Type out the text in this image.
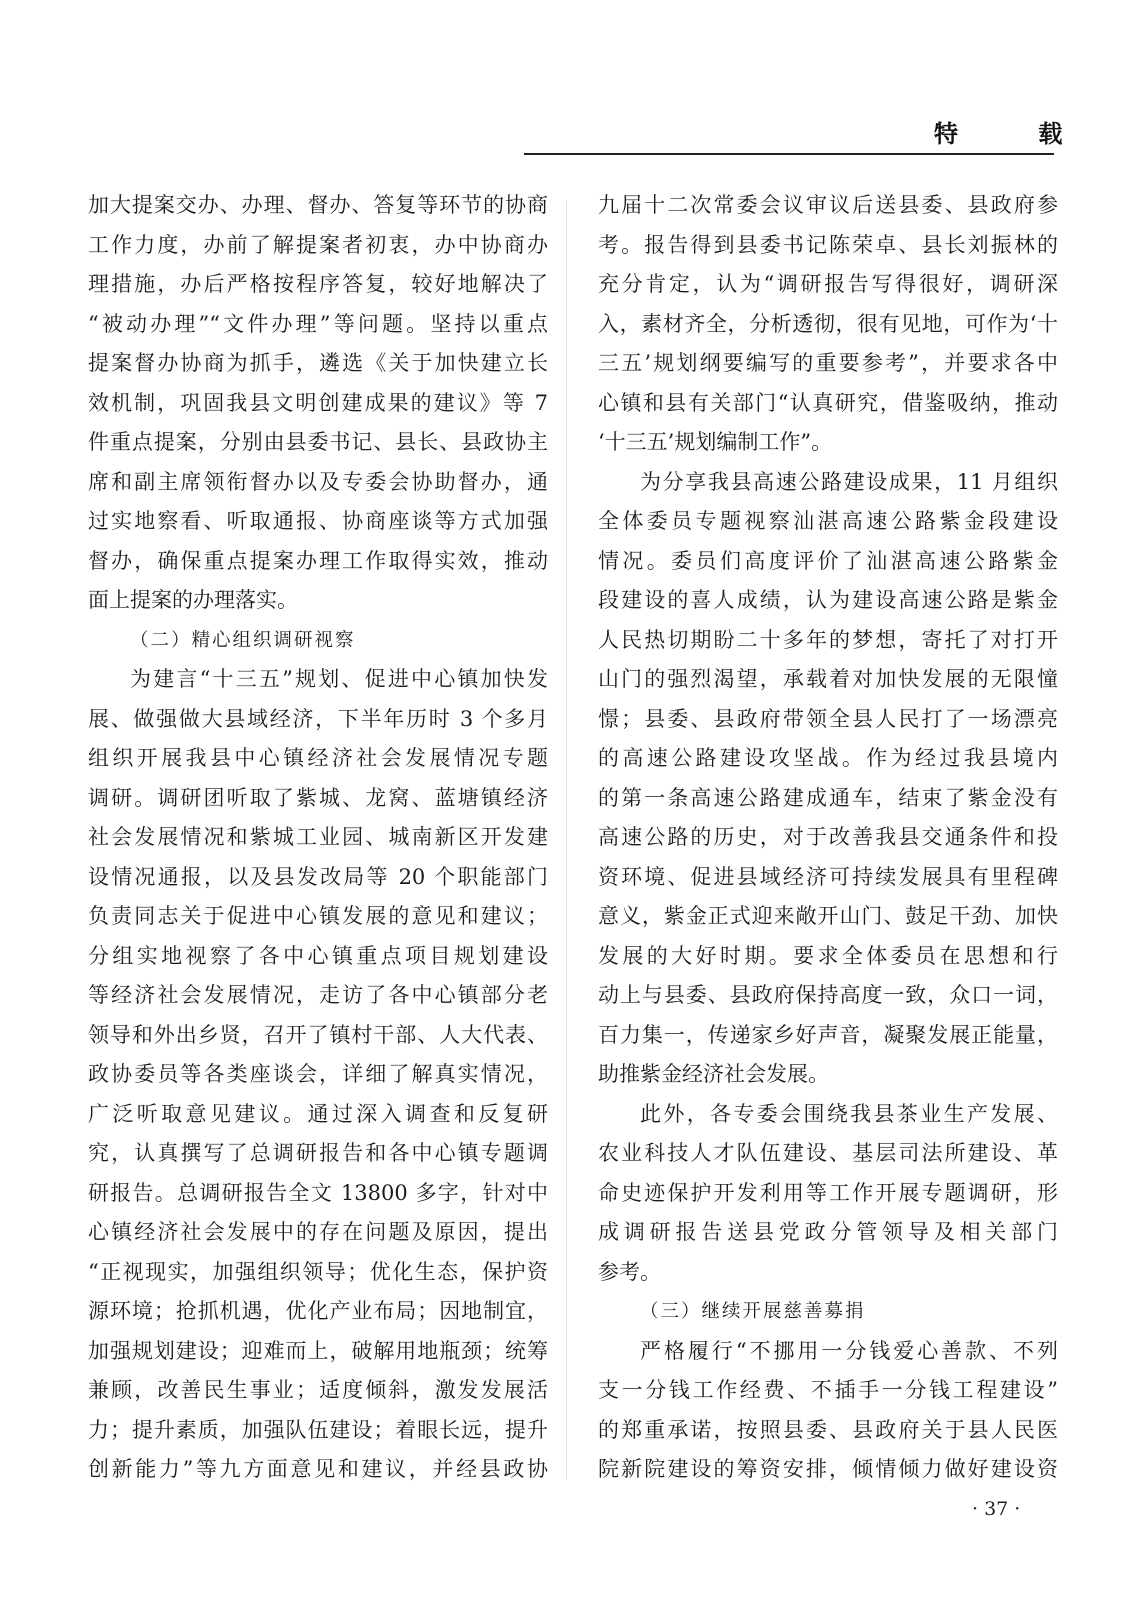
特 载
加大提案交办、办理、督办、答复等环节的协商
工作力度，办前了解提案者初衷，办中协商办
理措施，办后严格按程序答复，较好地解决了
“被动办理”“文件办理”等问题。坚持以重点
提案督办协商为抓手，遴选《关于加快建立长
效机制，巩固我县文明创建成果的建议》等 7
件重点提案，分别由县委书记、县长、县政协主
席和副主席领衔督办以及专委会协助督办，通
过实地察看、听取通报、协商座谈等方式加强
督办，确保重点提案办理工作取得实效，推动
面上提案的办理落实。
（二）精心组织调研视察
为建言“十三五”规划、促进中心镇加快发
展、做强做大县域经济，下半年历时 3 个多月
组织开展我县中心镇经济社会发展情况专题
调研。调研团听取了紫城、龙窝、蓝塘镇经济
社会发展情况和紫城工业园、城南新区开发建
设情况通报，以及县发改局等 20 个职能部门
负责同志关于促进中心镇发展的意见和建议；
分组实地视察了各中心镇重点项目规划建设
等经济社会发展情况，走访了各中心镇部分老
领导和外出乡贤，召开了镇村干部、人大代表、
政协委员等各类座谈会，详细了解真实情况，
广泛听取意见建议。通过深入调查和反复研
究，认真撰写了总调研报告和各中心镇专题调
研报告。总调研报告全文 13800 多字，针对中
心镇经济社会发展中的存在问题及原因，提出
“正视现实，加强组织领导；优化生态，保护资
源环境；抢抓机遇，优化产业布局；因地制宜，
加强规划建设；迎难而上，破解用地瓶颈；统筹
兼顾，改善民生事业；适度倾斜，激发发展活
力；提升素质，加强队伍建设；着眼长远，提升
创新能力”等九方面意见和建议，并经县政协
九届十二次常委会议审议后送县委、县政府参
考。报告得到县委书记陈荣卓、县长刘振林的
充分肯定，认为“调研报告写得很好，调研深
入，素材齐全，分析透彻，很有见地，可作为‘十
三五’规划纲要编写的重要参考”，并要求各中
心镇和县有关部门“认真研究，借鉴吸纳，推动
‘十三五’规划编制工作”。
为分享我县高速公路建设成果，11 月组织
全体委员专题视察汕湛高速公路紫金段建设
情况。委员们高度评价了汕湛高速公路紫金
段建设的喜人成绩，认为建设高速公路是紫金
人民热切期盼二十多年的梦想，寄托了对打开
山门的强烈渴望，承载着对加快发展的无限憧
憬；县委、县政府带领全县人民打了一场漂亮
的高速公路建设攻坚战。作为经过我县境内
的第一条高速公路建成通车，结束了紫金没有
高速公路的历史，对于改善我县交通条件和投
资环境、促进县域经济可持续发展具有里程碑
意义，紫金正式迎来敞开山门、鼓足干劲、加快
发展的大好时期。要求全体委员在思想和行
动上与县委、县政府保持高度一致，众口一词，
百力集一，传递家乡好声音，凝聚发展正能量，
助推紫金经济社会发展。
此外，各专委会围绕我县茶业生产发展、
农业科技人才队伍建设、基层司法所建设、革
命史迹保护开发利用等工作开展专题调研，形
成调研报告送县党政分管领导及相关部门
参考。
（三）继续开展慈善募捐
严格履行“不挪用一分钱爱心善款、不列
支一分钱工作经费、不插手一分钱工程建设”
的郑重承诺，按照县委、县政府关于县人民医
院新院建设的筹资安排，倾情倾力做好建设资
· 37 ·
